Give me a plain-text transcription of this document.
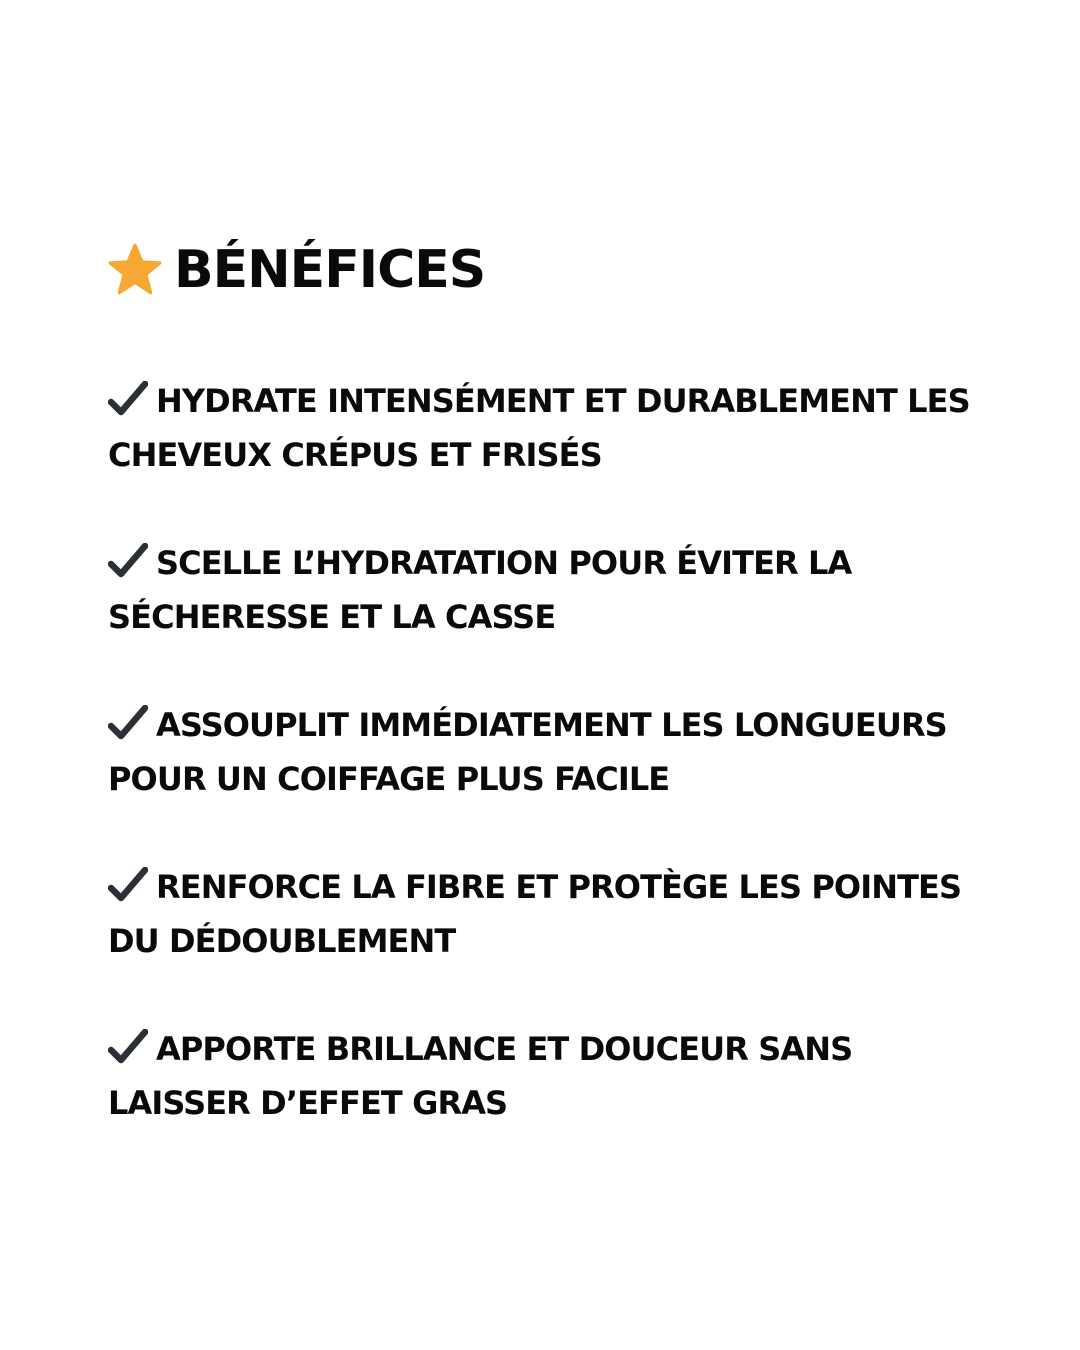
BÉNÉFICES
HYDRATE INTENSÉMENT ET DURABLEMENT LES CHEVEUX CRÉPUS ET FRISÉS
SCELLE L’HYDRATATION POUR ÉVITER LA SÉCHERESSE ET LA CASSE
ASSOUPLIT IMMÉDIATEMENT LES LONGUEURS POUR UN COIFFAGE PLUS FACILE
RENFORCE LA FIBRE ET PROTÈGE LES POINTES DU DÉDOUBLEMENT
APPORTE BRILLANCE ET DOUCEUR SANS LAISSER D’EFFET GRAS
